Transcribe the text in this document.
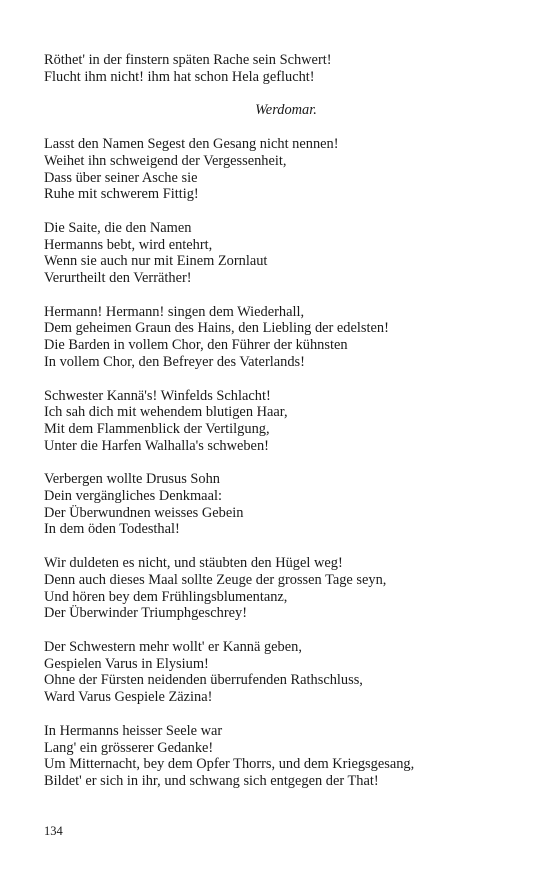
Röthet' in der finstern späten Rache sein Schwert!

Flucht ihm nicht! ihm hat schon Hela geflucht!

Werdomar.

Lasst den Namen Segest den Gesang nicht nennen!

Weihet ihn schweigend der Vergessenheit,

Dass über seiner Asche sie

Ruhe mit schwerem Fittig!

Die Saite, die den Namen

Hermanns bebt, wird entehrt,

Wenn sie auch nur mit Einem Zornlaut

Verurtheilt den Verräther!

Hermann! Hermann! singen dem Wiederhall,

Dem geheimen Graun des Hains, den Liebling der edelsten!

Die Barden in vollem Chor, den Führer der kühnsten

In vollem Chor, den Befreyer des Vaterlands!

Schwester Kannä's! Winfelds Schlacht!

Ich sah dich mit wehendem blutigen Haar,

Mit dem Flammenblick der Vertilgung,

Unter die Harfen Walhalla's schweben!

Verbergen wollte Drusus Sohn

Dein vergängliches Denkmaal:

Der Überwundnen weisses Gebein

In dem öden Todesthal!

Wir duldeten es nicht, und stäubten den Hügel weg!

Denn auch dieses Maal sollte Zeuge der grossen Tage seyn,

Und hören bey dem Frühlingsblumentanz,

Der Überwinder Triumphgeschrey!

Der Schwestern mehr wollt' er Kannä geben,

Gespielen Varus in Elysium!

Ohne der Fürsten neidenden überrufenden Rathschluss,

Ward Varus Gespiele Zäzina!

In Hermanns heisser Seele war

Lang' ein grösserer Gedanke!

Um Mitternacht, bey dem Opfer Thorrs, und dem Kriegsgesang,

Bildet' er sich in ihr, und schwang sich entgegen der That!

134
